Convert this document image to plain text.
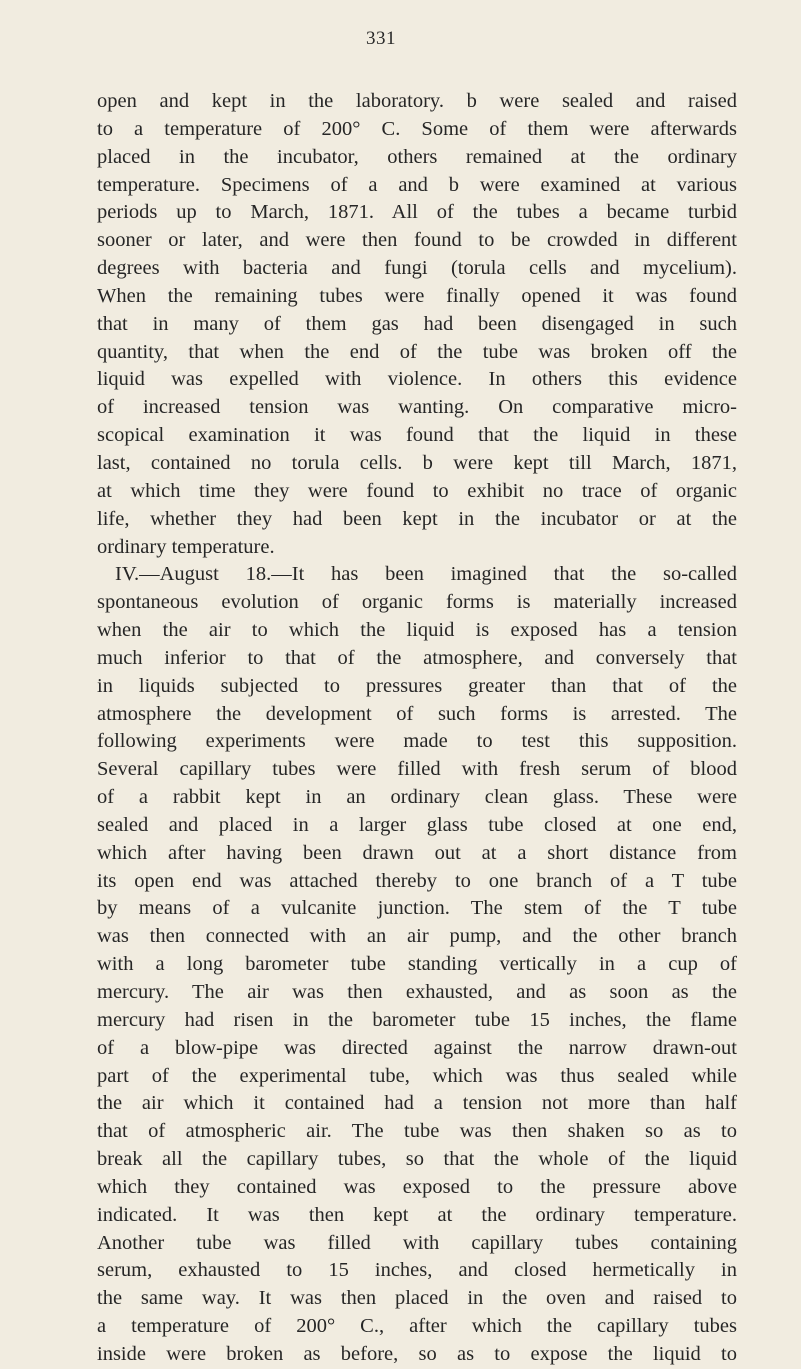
331
open and kept in the laboratory. b were sealed and raised
to a temperature of 200° C. Some of them were afterwards
placed in the incubator, others remained at the ordinary
temperature. Specimens of a and b were examined at various
periods up to March, 1871. All of the tubes a became turbid
sooner or later, and were then found to be crowded in different
degrees with bacteria and fungi (torula cells and mycelium).
When the remaining tubes were finally opened it was found
that in many of them gas had been disengaged in such
quantity, that when the end of the tube was broken off the
liquid was expelled with violence. In others this evidence
of increased tension was wanting. On comparative micro-
scopical examination it was found that the liquid in these
last, contained no torula cells. b were kept till March, 1871,
at which time they were found to exhibit no trace of organic
life, whether they had been kept in the incubator or at the
ordinary temperature.
IV.—August 18.—It has been imagined that the so-called
spontaneous evolution of organic forms is materially increased
when the air to which the liquid is exposed has a tension
much inferior to that of the atmosphere, and conversely that
in liquids subjected to pressures greater than that of the
atmosphere the development of such forms is arrested. The
following experiments were made to test this supposition.
Several capillary tubes were filled with fresh serum of blood
of a rabbit kept in an ordinary clean glass. These were
sealed and placed in a larger glass tube closed at one end,
which after having been drawn out at a short distance from
its open end was attached thereby to one branch of a T tube
by means of a vulcanite junction. The stem of the T tube
was then connected with an air pump, and the other branch
with a long barometer tube standing vertically in a cup of
mercury. The air was then exhausted, and as soon as the
mercury had risen in the barometer tube 15 inches, the flame
of a blow-pipe was directed against the narrow drawn-out
part of the experimental tube, which was thus sealed while
the air which it contained had a tension not more than half
that of atmospheric air. The tube was then shaken so as to
break all the capillary tubes, so that the whole of the liquid
which they contained was exposed to the pressure above
indicated. It was then kept at the ordinary temperature.
Another tube was filled with capillary tubes containing
serum, exhausted to 15 inches, and closed hermetically in
the same way. It was then placed in the oven and raised to
a temperature of 200° C., after which the capillary tubes
inside were broken as before, so as to expose the liquid to
